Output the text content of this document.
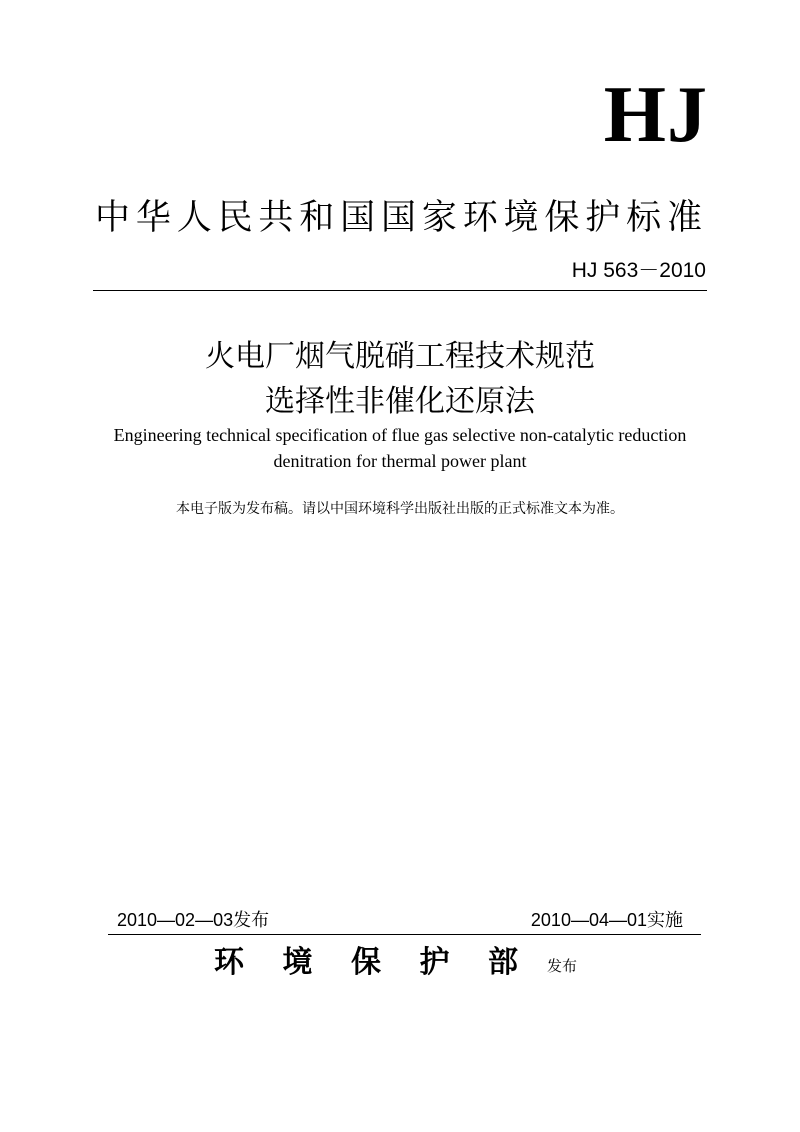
HJ
中华人民共和国国家环境保护标准
HJ 563－2010
火电厂烟气脱硝工程技术规范
选择性非催化还原法
Engineering technical specification of flue gas selective non-catalytic reduction
denitration for thermal power plant
本电子版为发布稿。请以中国环境科学出版社出版的正式标准文本为准。
2010—02—03发布	2010—04—01实施
环 境 保 护 部 发布
